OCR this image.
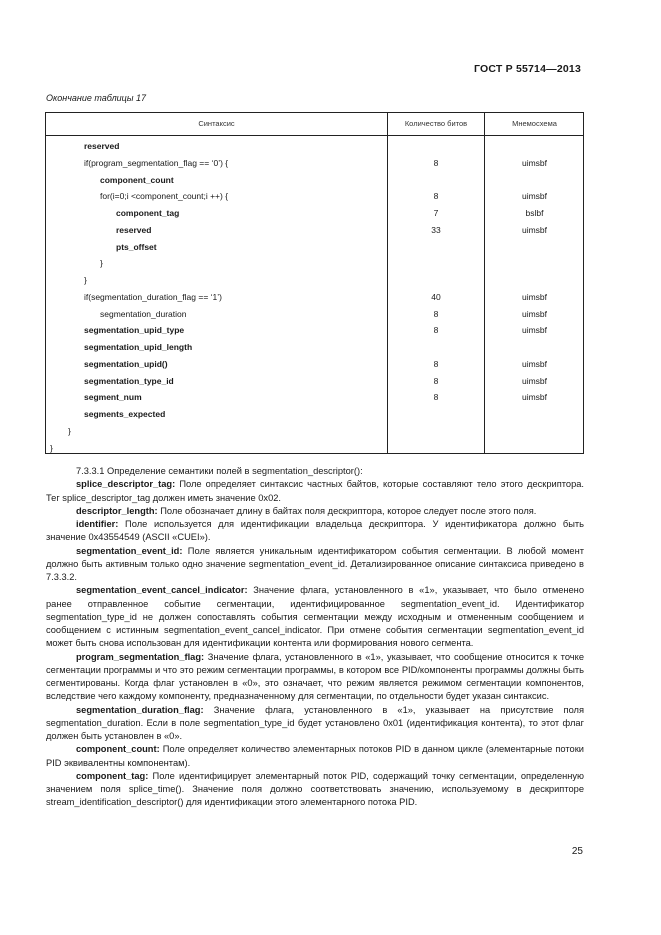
ГОСТ Р 55714—2013
Окончание таблицы 17
Синтаксис	Количество битов	Мнемосхема
reserved
if(program_segmentation_flag == ‘0’) {	8	uimsbf
component_count
for(i=0;i <component_count;i ++) {	8	uimsbf
component_tag	7	bslbf
reserved	33	uimsbf
pts_offset
}
}
if(segmentation_duration_flag == ‘1’)	40	uimsbf
segmentation_duration	8	uimsbf
segmentation_upid_type	8	uimsbf
segmentation_upid_length
segmentation_upid()	8	uimsbf
segmentation_type_id	8	uimsbf
segment_num	8	uimsbf
segments_expected
}
}

7.3.3.1 Определение семантики полей в segmentation_descriptor():

splice_descriptor_tag: Поле определяет синтаксис частных байтов, которые составляют тело этого дескриптора. Тег splice_descriptor_tag должен иметь значение 0x02.

descriptor_length: Поле обозначает длину в байтах поля дескриптора, которое следует после этого поля.

identifier: Поле используется для идентификации владельца дескриптора. У идентификатора должно быть значение 0x43554549 (ASCII «CUEI»).

segmentation_event_id: Поле является уникальным идентификатором события сегментации. В любой момент должно быть активным только одно значение segmentation_event_id. Детализированное описание синтаксиса приведено в 7.3.3.2.

segmentation_event_cancel_indicator: Значение флага, установленного в «1», указывает, что было отменено ранее отправленное событие сегментации, идентифицированное segmentation_event_id. Идентификатор segmentation_type_id не должен сопоставлять события сегментации между исходным и отмененным сообщением и сообщением с истинным segmentation_event_cancel_indicator. При отмене события сегментации segmentation_event_id может быть снова использован для идентификации контента или формирования нового сегмента.

program_segmentation_flag: Значение флага, установленного в «1», указывает, что сообщение относится к точке сегментации программы и что это режим сегментации программы, в котором все PID/компоненты программы должны быть сегментированы. Когда флаг установлен в «0», это означает, что режим является режимом сегментации компонентов, вследствие чего каждому компоненту, предназначенному для сегментации, по отдельности будет указан синтаксис.

segmentation_duration_flag: Значение флага, установленного в «1», указывает на присутствие поля segmentation_duration. Если в поле segmentation_type_id будет установлено 0x01 (идентификация контента), то этот флаг должен быть установлен в «0».

component_count: Поле определяет количество элементарных потоков PID в данном цикле (элементарные потоки PID эквивалентны компонентам).

component_tag: Поле идентифицирует элементарный поток PID, содержащий точку сегментации, определенную значением поля splice_time(). Значение поля должно соответствовать значению, используемому в дескрипторе stream_identification_descriptor() для идентификации этого элементарного потока PID.

25
